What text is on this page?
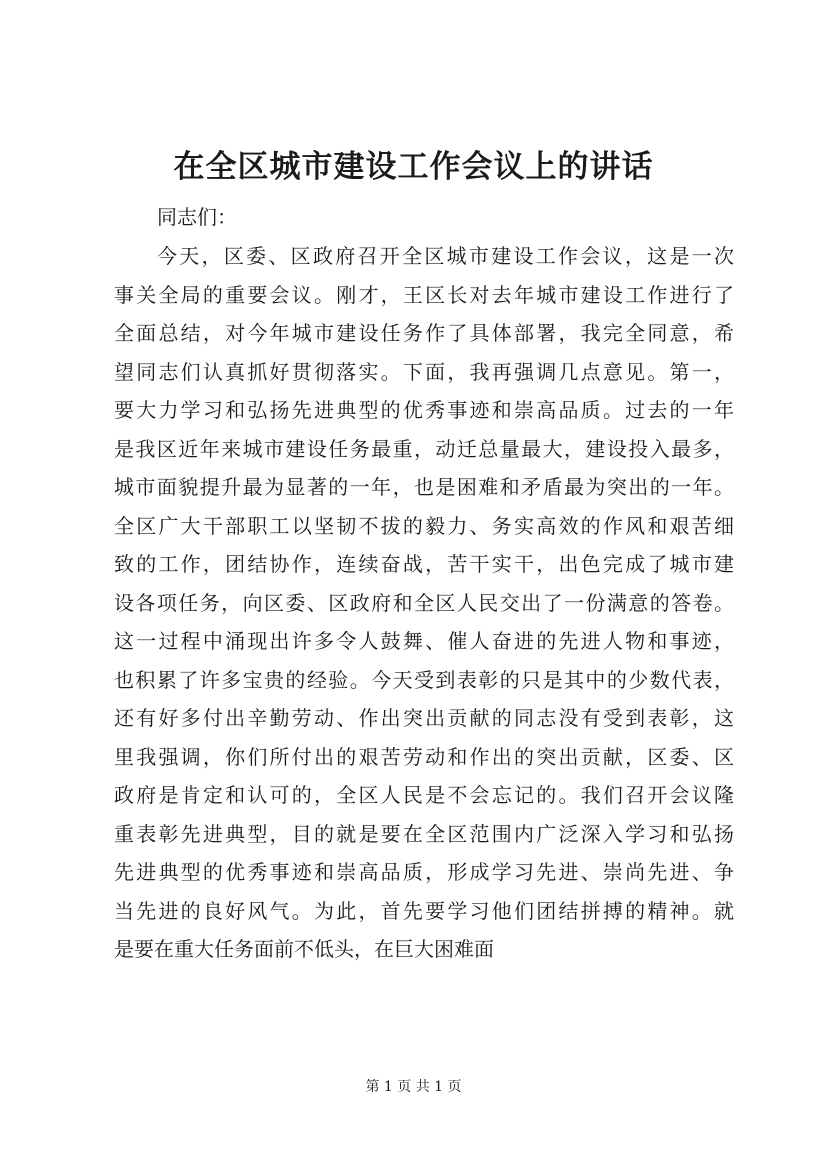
在全区城市建设工作会议上的讲话
同志们：
今天，区委、区政府召开全区城市建设工作会议，这是一次
事关全局的重要会议。刚才，王区长对去年城市建设工作进行了
全面总结，对今年城市建设任务作了具体部署，我完全同意，希
望同志们认真抓好贯彻落实。下面，我再强调几点意见。第一，
要大力学习和弘扬先进典型的优秀事迹和崇高品质。过去的一年
是我区近年来城市建设任务最重，动迁总量最大，建设投入最多，
城市面貌提升最为显著的一年，也是困难和矛盾最为突出的一年。
全区广大干部职工以坚韧不拔的毅力、务实高效的作风和艰苦细
致的工作，团结协作，连续奋战，苦干实干，出色完成了城市建
设各项任务，向区委、区政府和全区人民交出了一份满意的答卷。
这一过程中涌现出许多令人鼓舞、催人奋进的先进人物和事迹，
也积累了许多宝贵的经验。今天受到表彰的只是其中的少数代表，
还有好多付出辛勤劳动、作出突出贡献的同志没有受到表彰，这
里我强调，你们所付出的艰苦劳动和作出的突出贡献，区委、区
政府是肯定和认可的，全区人民是不会忘记的。我们召开会议隆
重表彰先进典型，目的就是要在全区范围内广泛深入学习和弘扬
先进典型的优秀事迹和崇高品质，形成学习先进、崇尚先进、争
当先进的良好风气。为此，首先要学习他们团结拼搏的精神。就
是要在重大任务面前不低头，在巨大困难面
第 1 页 共 1 页
